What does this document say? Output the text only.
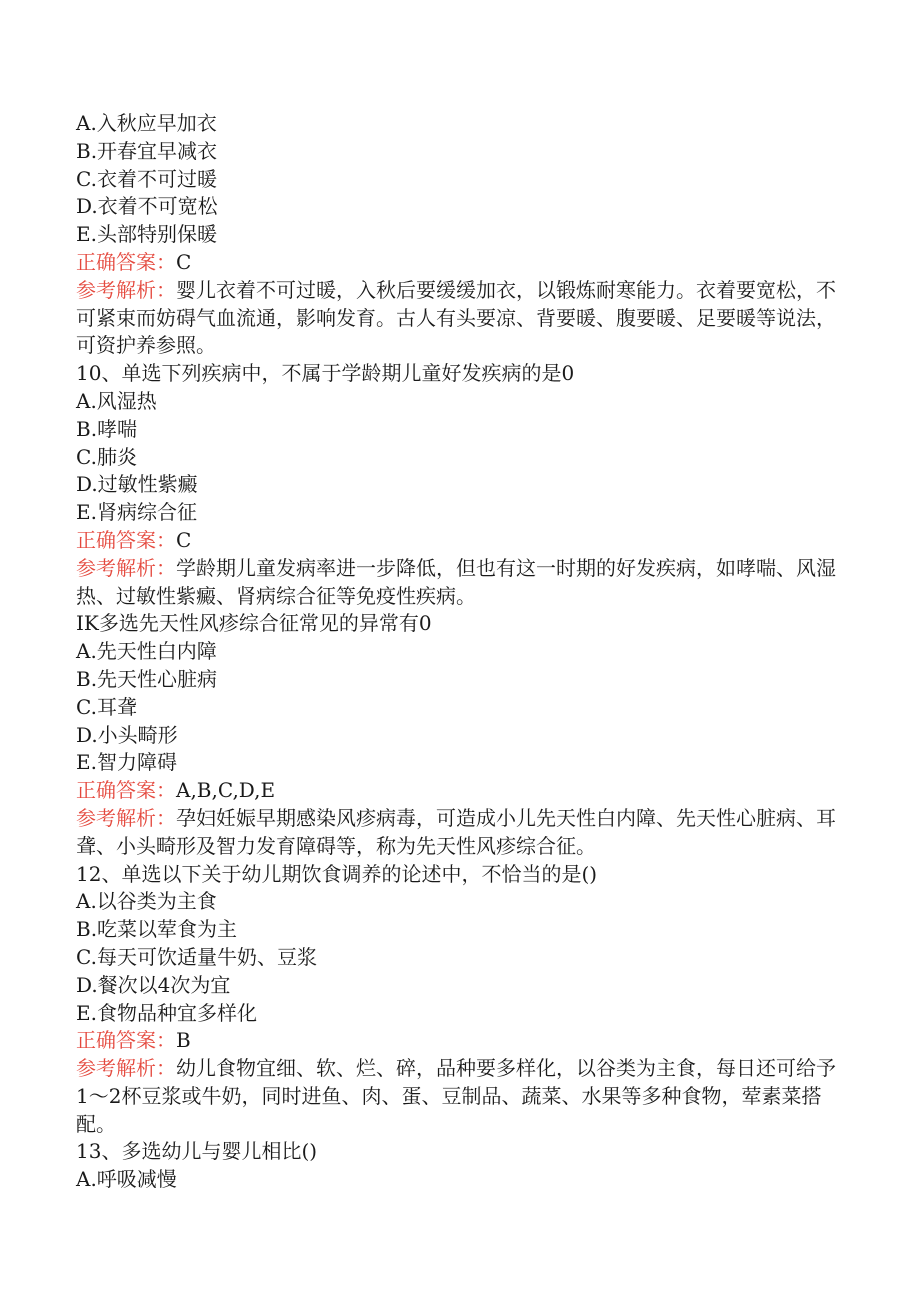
A.入秋应早加衣

B.开春宜早减衣

C.衣着不可过暖

D.衣着不可宽松

E.头部特别保暖

正确答案：C

参考解析：婴儿衣着不可过暖，入秋后要缓缓加衣，以锻炼耐寒能力。衣着要宽松，不可紧束而妨碍气血流通，影响发育。古人有头要凉、背要暖、腹要暖、足要暖等说法，可资护养参照。

10、单选下列疾病中，不属于学龄期儿童好发疾病的是0

A.风湿热

B.哮喘

C.肺炎

D.过敏性紫癜

E.肾病综合征

正确答案：C

参考解析：学龄期儿童发病率进一步降低，但也有这一时期的好发疾病，如哮喘、风湿热、过敏性紫癜、肾病综合征等免疫性疾病。

IK多选先天性风疹综合征常见的异常有0

A.先天性白内障

B.先天性心脏病

C.耳聋

D.小头畸形

E.智力障碍

正确答案：A,B,C,D,E

参考解析：孕妇妊娠早期感染风疹病毒，可造成小儿先天性白内障、先天性心脏病、耳聋、小头畸形及智力发育障碍等，称为先天性风疹综合征。

12、单选以下关于幼儿期饮食调养的论述中，不恰当的是()

A.以谷类为主食

B.吃菜以荤食为主

C.每天可饮适量牛奶、豆浆

D.餐次以4次为宜

E.食物品种宜多样化

正确答案：B

参考解析：幼儿食物宜细、软、烂、碎，品种要多样化，以谷类为主食，每日还可给予1～2杯豆浆或牛奶，同时进鱼、肉、蛋、豆制品、蔬菜、水果等多种食物，荤素菜搭配。

13、多选幼儿与婴儿相比()

A.呼吸减慢
